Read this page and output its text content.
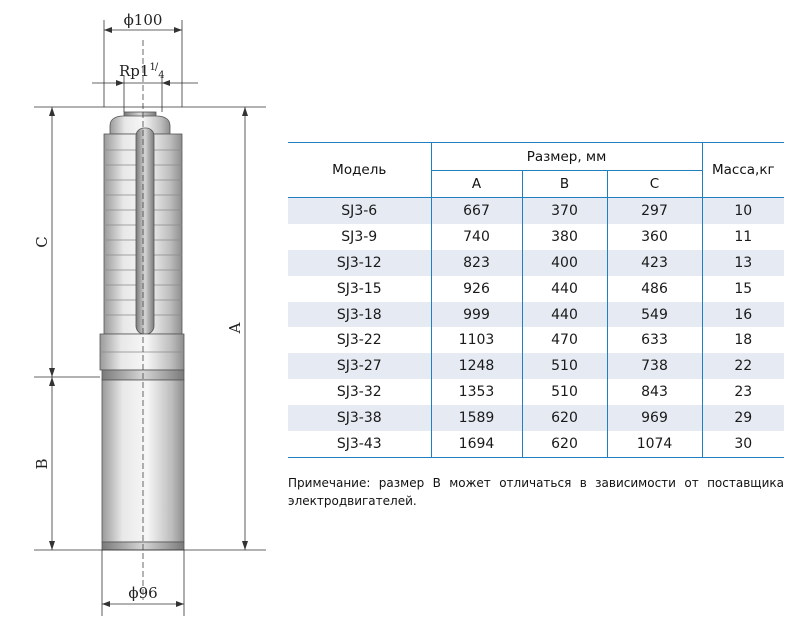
ϕ100
$Rp1^1/_4$
C
B
A
ϕ96
Модель	Размер, мм			Масса,кг
	A	B	C	
SJ3-6	667	370	297	10
SJ3-9	740	380	360	11
SJ3-12	823	400	423	13
SJ3-15	926	440	486	15
SJ3-18	999	440	549	16
SJ3-22	1103	470	633	18
SJ3-27	1248	510	738	22
SJ3-32	1353	510	843	23
SJ3-38	1589	620	969	29
SJ3-43	1694	620	1074	30
Примечание: размер B может отличаться в зависимости от поставщика электродвигателей.
